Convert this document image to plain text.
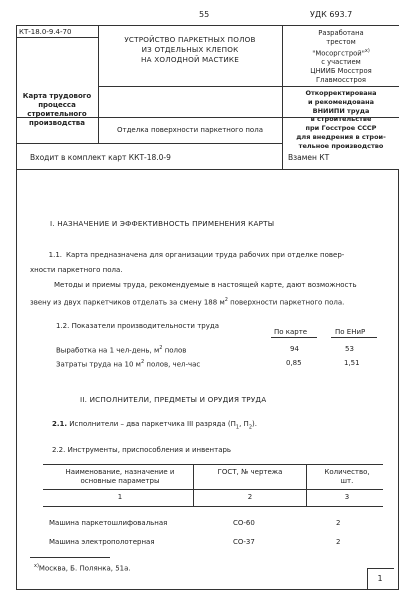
55	УДК 693.7
КТ-18.0-9.4-70
Карта трудового процесса строительного производства
УСТРОЙСТВО ПАРКЕТНЫХ ПОЛОВ
ИЗ ОТДЕЛЬНЫХ КЛЕПОК
НА ХОЛОДНОЙ МАСТИКЕ
Отделка поверхности паркетного пола
Разработана
трестом
"Мосоргстрой"$^{x)}$
с участием
ЦНИИБ Мосстроя
Главмосстроя
Откорректирована
и рекомендована
ВНИИПИ труда
в строительстве
при Госстрое СССР
для внедрения в строи-
тельное производство
Входит в комплект карт ККТ-18.0-9	Взамен КТ
I. НАЗНАЧЕНИЕ И ЭФФЕКТИВНОСТЬ ПРИМЕНЕНИЯ КАРТЫ
1.1. Карта предназначена для организации труда рабочих при отделке повер-
хности паркетного пола.
Методы и приемы труда, рекомендуемые в настоящей карте, дают возможность
звену из двух паркетчиков отделать за смену 188 $м^2$ поверхности паркетного пола.
1.2. Показатели производительности труда
По карте	По ЕНиР
Выработка на 1 чел-день, $м^2$ полов	94	53
Затраты труда на 10 $м^2$ полов, чел-час	0,85	1,51
II. ИСПОЛНИТЕЛИ, ПРЕДМЕТЫ И ОРУДИЯ ТРУДА
2.1. Исполнители – два паркетчика III разряда ($П_1$, $П_2$).
2.2. Инструменты, приспособления и инвентарь
Наименование, назначение и основные параметры
ГОСТ, № чертежа	Количество, шт.
1	2	3
Машина паркетошлифовальная	СО-60	2
Машина электрополотерная	СО-37	2
$^{x)}$Москва, Б. Полянка, 51а.
1
